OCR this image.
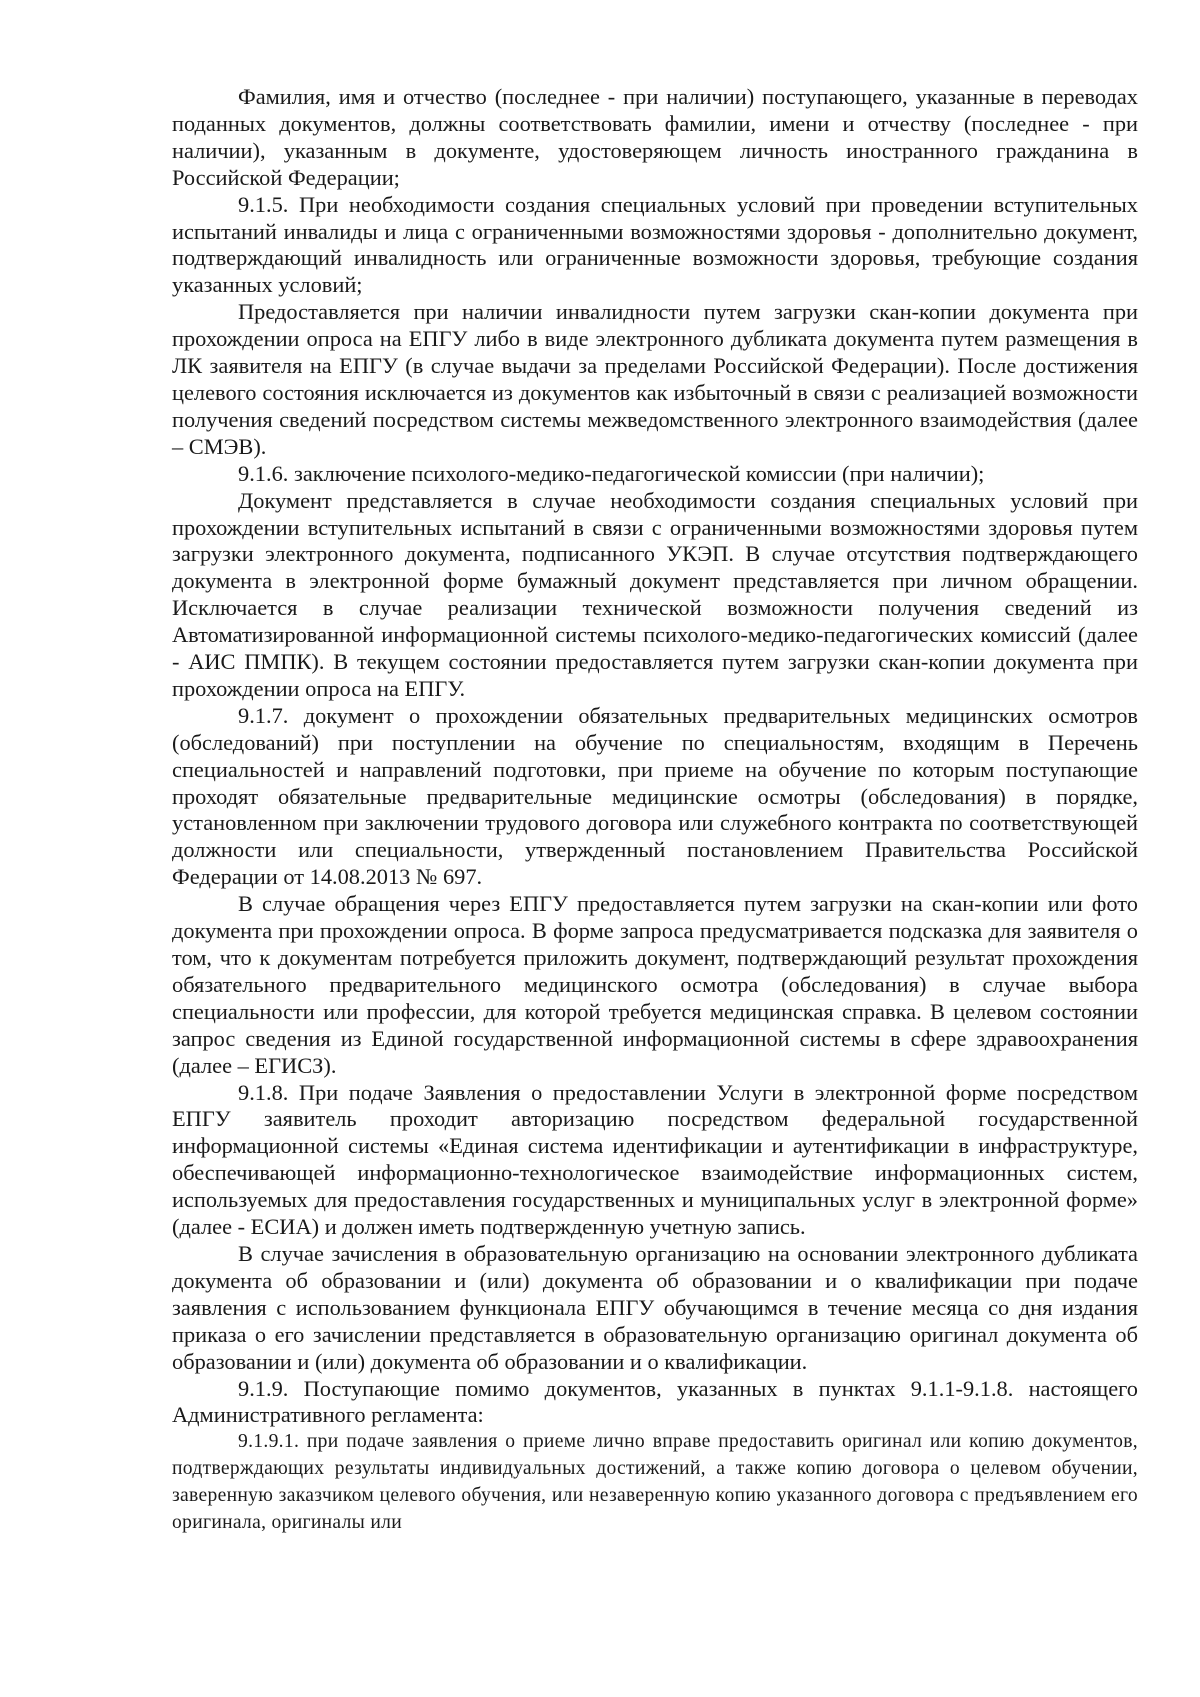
Фамилия, имя и отчество (последнее - при наличии) поступающего, указанные в переводах поданных документов, должны соответствовать фамилии, имени и отчеству (последнее - при наличии), указанным в документе, удостоверяющем личность иностранного гражданина в Российской Федерации;

9.1.5. При необходимости создания специальных условий при проведении вступительных испытаний инвалиды и лица с ограниченными возможностями здоровья - дополнительно документ, подтверждающий инвалидность или ограниченные возможности здоровья, требующие создания указанных условий;

Предоставляется при наличии инвалидности путем загрузки скан-копии документа при прохождении опроса на ЕПГУ либо в виде электронного дубликата документа путем размещения в ЛК заявителя на ЕПГУ (в случае выдачи за пределами Российской Федерации). После достижения целевого состояния исключается из документов как избыточный в связи с реализацией возможности получения сведений посредством системы межведомственного электронного взаимодействия (далее – СМЭВ).

9.1.6. заключение психолого-медико-педагогической комиссии (при наличии);

Документ представляется в случае необходимости создания специальных условий при прохождении вступительных испытаний в связи с ограниченными возможностями здоровья путем загрузки электронного документа, подписанного УКЭП. В случае отсутствия подтверждающего документа в электронной форме бумажный документ представляется при личном обращении. Исключается в случае реализации технической возможности получения сведений из Автоматизированной информационной системы психолого-медико-педагогических комиссий (далее - АИС ПМПК). В текущем состоянии предоставляется путем загрузки скан-копии документа при прохождении опроса на ЕПГУ.

9.1.7. документ о прохождении обязательных предварительных медицинских осмотров (обследований) при поступлении на обучение по специальностям, входящим в Перечень специальностей и направлений подготовки, при приеме на обучение по которым поступающие проходят обязательные предварительные медицинские осмотры (обследования) в порядке, установленном при заключении трудового договора или служебного контракта по соответствующей должности или специальности, утвержденный постановлением Правительства Российской Федерации от 14.08.2013 № 697.

В случае обращения через ЕПГУ предоставляется путем загрузки на скан-копии или фото документа при прохождении опроса. В форме запроса предусматривается подсказка для заявителя о том, что к документам потребуется приложить документ, подтверждающий результат прохождения обязательного предварительного медицинского осмотра (обследования) в случае выбора специальности или профессии, для которой требуется медицинская справка. В целевом состоянии запрос сведения из Единой государственной информационной системы в сфере здравоохранения (далее – ЕГИСЗ).

9.1.8. При подаче Заявления о предоставлении Услуги в электронной форме посредством ЕПГУ заявитель проходит авторизацию посредством федеральной государственной информационной системы «Единая система идентификации и аутентификации в инфраструктуре, обеспечивающей информационно-технологическое взаимодействие информационных систем, используемых для предоставления государственных и муниципальных услуг в электронной форме» (далее - ЕСИА) и должен иметь подтвержденную учетную запись.

В случае зачисления в образовательную организацию на основании электронного дубликата документа об образовании и (или) документа об образовании и о квалификации при подаче заявления с использованием функционала ЕПГУ обучающимся в течение месяца со дня издания приказа о его зачислении представляется в образовательную организацию оригинал документа об образовании и (или) документа об образовании и о квалификации.

9.1.9. Поступающие помимо документов, указанных в пунктах 9.1.1-9.1.8. настоящего Административного регламента:

9.1.9.1. при подаче заявления о приеме лично вправе предоставить оригинал или копию документов, подтверждающих результаты индивидуальных достижений, а также копию договора о целевом обучении, заверенную заказчиком целевого обучения, или незаверенную копию указанного договора с предъявлением его оригинала, оригиналы или
